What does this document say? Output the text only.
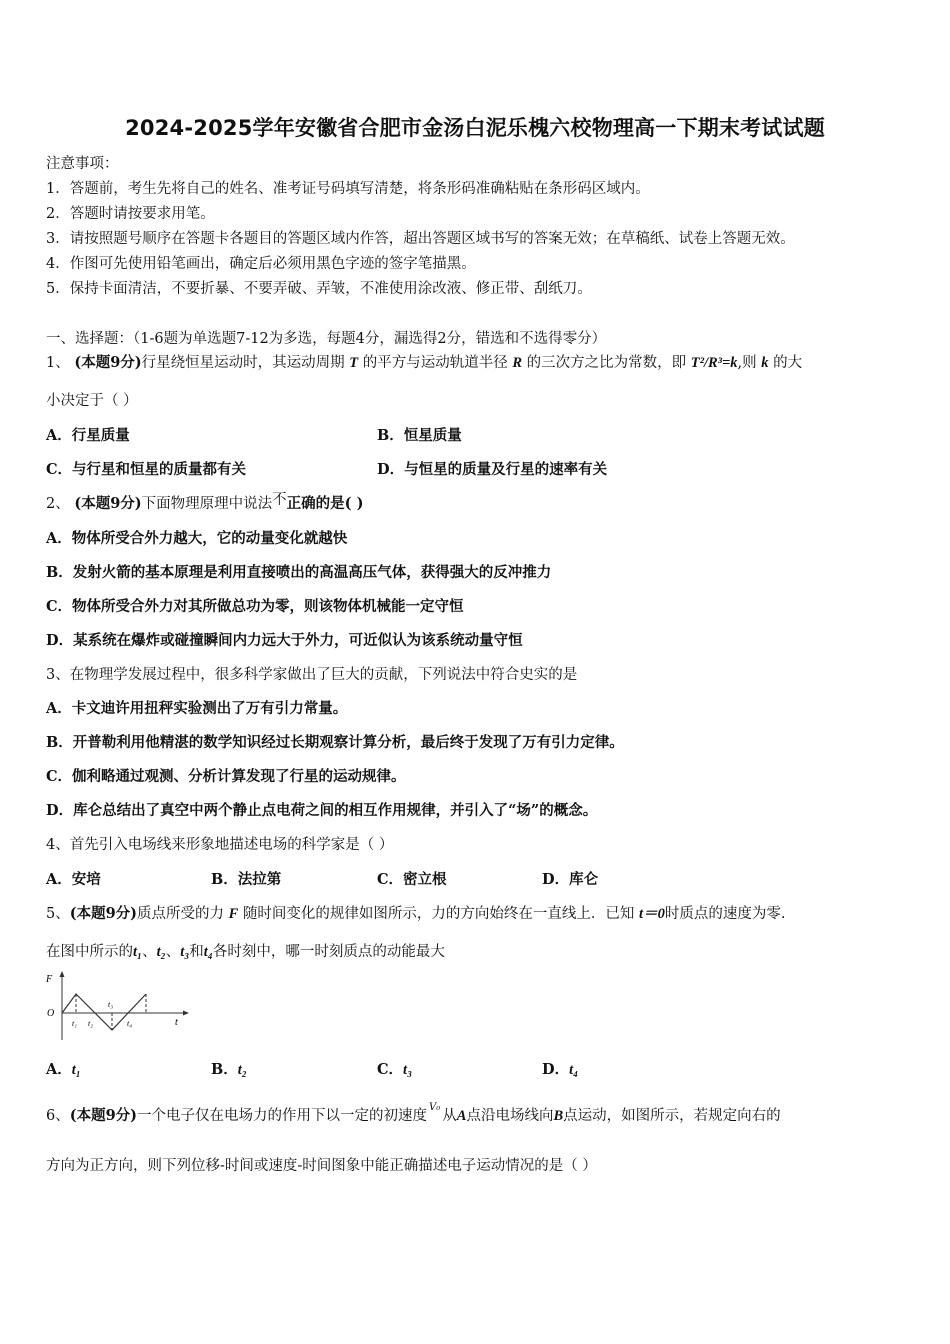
2024-2025学年安徽省合肥市金汤白泥乐槐六校物理高一下期末考试试题
注意事项：
1．答题前，考生先将自己的姓名、准考证号码填写清楚，将条形码准确粘贴在条形码区域内。
2．答题时请按要求用笔。
3．请按照题号顺序在答题卡各题目的答题区域内作答，超出答题区域书写的答案无效；在草稿纸、试卷上答题无效。
4．作图可先使用铅笔画出，确定后必须用黑色字迹的签字笔描黑。
5．保持卡面清洁，不要折暴、不要弄破、弄皱，不准使用涂改液、修正带、刮纸刀。
一、选择题：（1-6题为单选题7-12为多选，每题4分，漏选得2分，错选和不选得零分）
1、 (本题9分)行星绕恒星运动时，其运动周期 T 的平方与运动轨道半径 R 的三次方之比为常数，即 T²/R³=k,则 k 的大
小决定于（ ）
A．行星质量	B．恒星质量
C．与行星和恒星的质量都有关	D．与恒星的质量及行星的速率有关
2、 (本题9分)下面物理原理中说法不正确的是( )
A．物体所受合外力越大，它的动量变化就越快
B．发射火箭的基本原理是利用直接喷出的高温高压气体，获得强大的反冲推力
C．物体所受合外力对其所做总功为零，则该物体机械能一定守恒
D．某系统在爆炸或碰撞瞬间内力远大于外力，可近似认为该系统动量守恒
3、在物理学发展过程中，很多科学家做出了巨大的贡献，下列说法中符合史实的是
A．卡文迪许用扭秤实验测出了万有引力常量。
B．开普勒利用他精湛的数学知识经过长期观察计算分析，最后终于发现了万有引力定律。
C．伽利略通过观测、分析计算发现了行星的运动规律。
D．库仑总结出了真空中两个静止点电荷之间的相互作用规律，并引入了“场”的概念。
4、首先引入电场线来形象地描述电场的科学家是（ ）
A．安培	B．法拉第	C．密立根	D．库仑
5、(本题9分)质点所受的力 F 随时间变化的规律如图所示，力的方向始终在一直线上．已知 t＝0时质点的速度为零.
在图中所示的t₁、t₂、t₃和t₄各时刻中，哪一时刻质点的动能最大
F
O
t
t₁ t₂
t₃
t₄
A．t₁	B．t₂	C．t₃	D．t₄
6、(本题9分)一个电子仅在电场力的作用下以一定的初速度$^{V_0}$从A点沿电场线向B点运动，如图所示，若规定向右的
方向为正方向，则下列位移-时间或速度-时间图象中能正确描述电子运动情况的是（ ）
